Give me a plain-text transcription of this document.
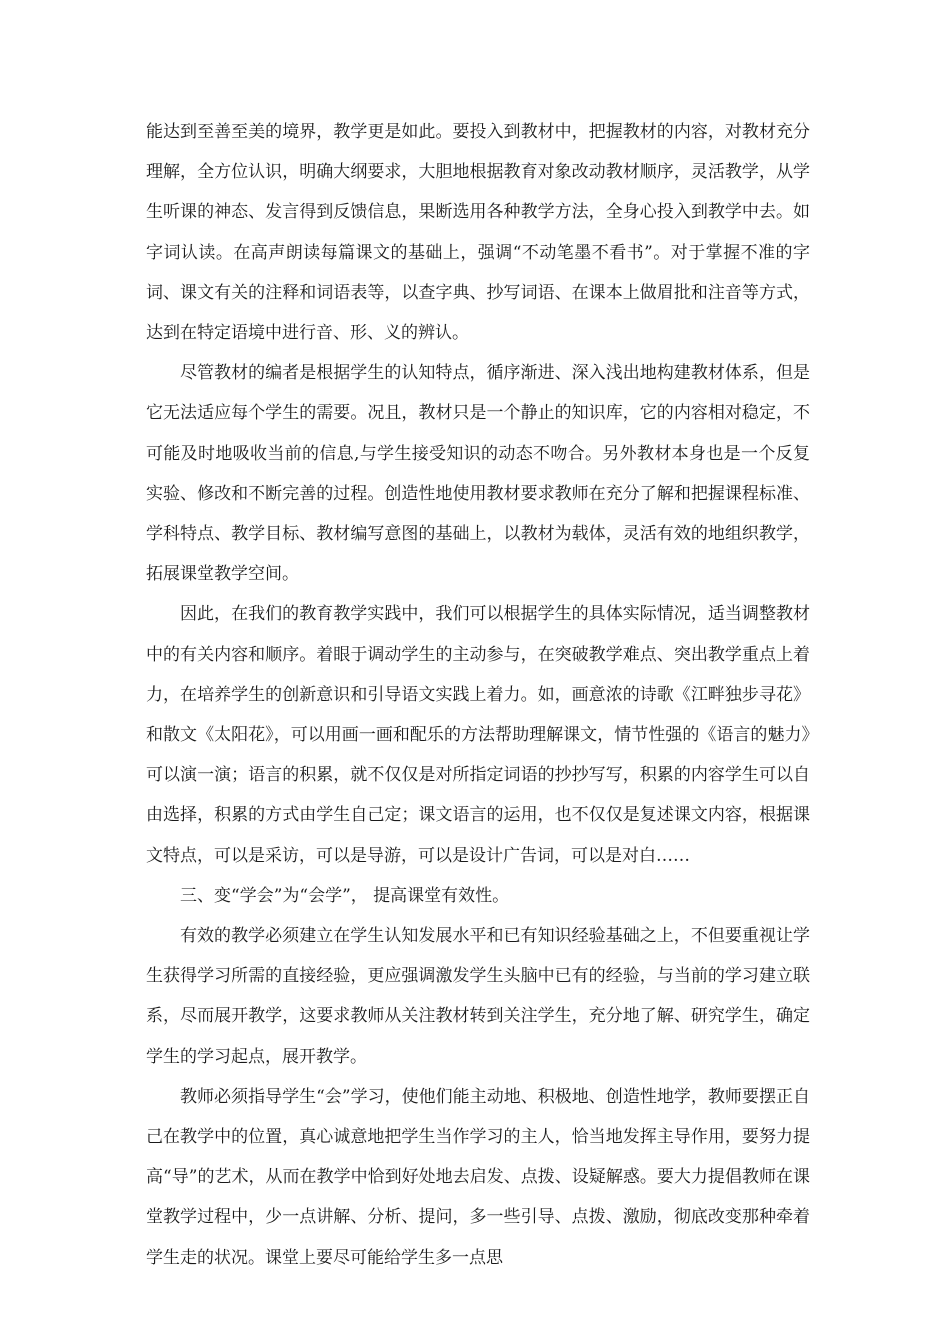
能达到至善至美的境界，教学更是如此。要投入到教材中，把握教材的内容，对教材充分理解，全方位认识，明确大纲要求，大胆地根据教育对象改动教材顺序，灵活教学，从学生听课的神态、发言得到反馈信息，果断选用各种教学方法，全身心投入到教学中去。如字词认读。在高声朗读每篇课文的基础上，强调“不动笔墨不看书”。对于掌握不准的字词、课文有关的注释和词语表等，以查字典、抄写词语、在课本上做眉批和注音等方式，达到在特定语境中进行音、形、义的辨认。

尽管教材的编者是根据学生的认知特点，循序渐进、深入浅出地构建教材体系，但是它无法适应每个学生的需要。况且，教材只是一个静止的知识库，它的内容相对稳定，不可能及时地吸收当前的信息,与学生接受知识的动态不吻合。另外教材本身也是一个反复实验、修改和不断完善的过程。创造性地使用教材要求教师在充分了解和把握课程标准、学科特点、教学目标、教材编写意图的基础上，以教材为载体，灵活有效的地组织教学，拓展课堂教学空间。

因此，在我们的教育教学实践中，我们可以根据学生的具体实际情况，适当调整教材中的有关内容和顺序。着眼于调动学生的主动参与，在突破教学难点、突出教学重点上着力，在培养学生的创新意识和引导语文实践上着力。如，画意浓的诗歌《江畔独步寻花》和散文《太阳花》，可以用画一画和配乐的方法帮助理解课文，情节性强的《语言的魅力》可以演一演；语言的积累，就不仅仅是对所指定词语的抄抄写写，积累的内容学生可以自由选择，积累的方式由学生自己定；课文语言的运用，也不仅仅是复述课文内容，根据课文特点，可以是采访，可以是导游，可以是设计广告词，可以是对白……

三、变“学会”为“会学”， 提高课堂有效性。

有效的教学必须建立在学生认知发展水平和已有知识经验基础之上，不但要重视让学生获得学习所需的直接经验，更应强调激发学生头脑中已有的经验，与当前的学习建立联系，尽而展开教学，这要求教师从关注教材转到关注学生，充分地了解、研究学生，确定学生的学习起点，展开教学。

教师必须指导学生“会”学习，使他们能主动地、积极地、创造性地学，教师要摆正自己在教学中的位置，真心诚意地把学生当作学习的主人，恰当地发挥主导作用，要努力提高“导”的艺术，从而在教学中恰到好处地去启发、点拨、设疑解惑。要大力提倡教师在课堂教学过程中，少一点讲解、分析、提问，多一些引导、点拨、激励，彻底改变那种牵着学生走的状况。课堂上要尽可能给学生多一点思
